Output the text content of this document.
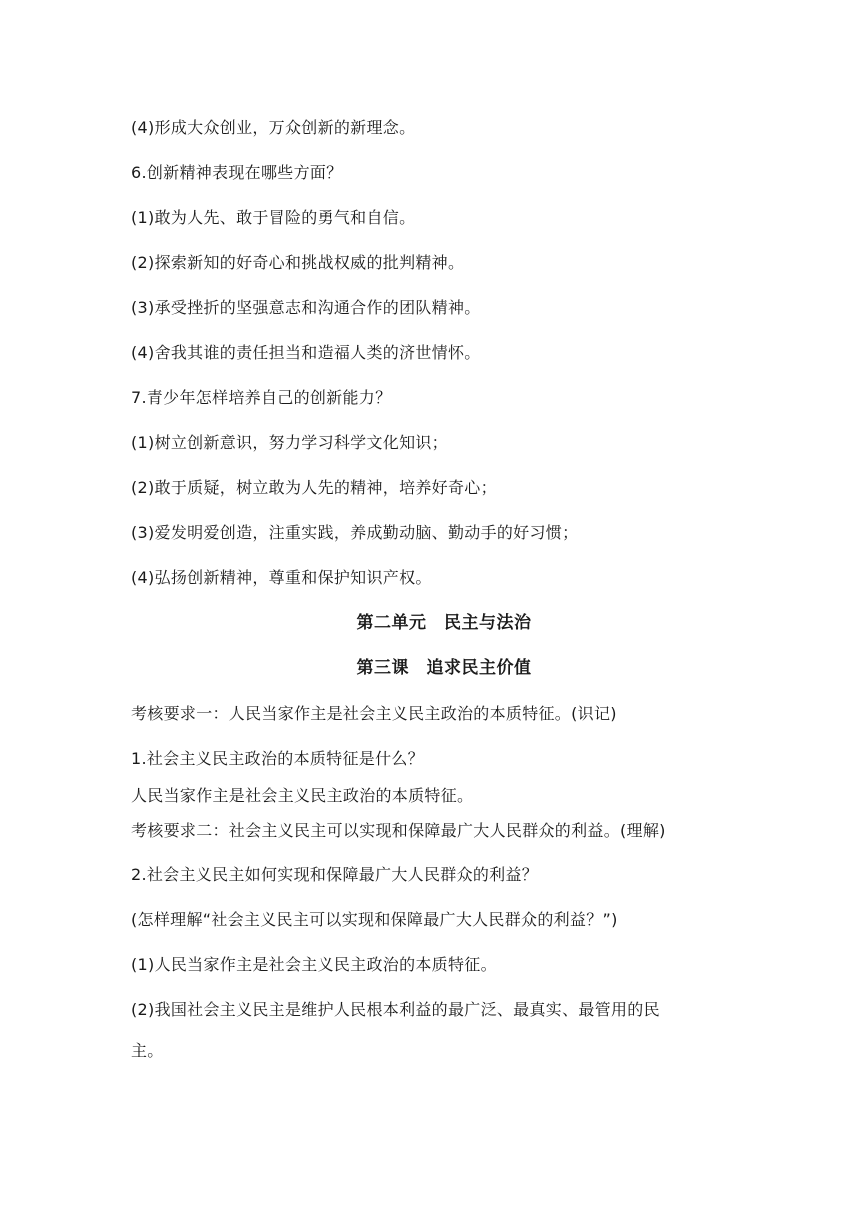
(4)形成大众创业，万众创新的新理念。
6.创新精神表现在哪些方面？
(1)敢为人先、敢于冒险的勇气和自信。
(2)探索新知的好奇心和挑战权威的批判精神。
(3)承受挫折的坚强意志和沟通合作的团队精神。
(4)舍我其谁的责任担当和造福人类的济世情怀。
7.青少年怎样培养自己的创新能力？
(1)树立创新意识，努力学习科学文化知识；
(2)敢于质疑，树立敢为人先的精神，培养好奇心；
(3)爱发明爱创造，注重实践，养成勤动脑、勤动手的好习惯；
(4)弘扬创新精神，尊重和保护知识产权。
第二单元　民主与法治
第三课　追求民主价值
考核要求一：人民当家作主是社会主义民主政治的本质特征。(识记)
1.社会主义民主政治的本质特征是什么？
人民当家作主是社会主义民主政治的本质特征。
考核要求二：社会主义民主可以实现和保障最广大人民群众的利益。(理解)
2.社会主义民主如何实现和保障最广大人民群众的利益？
(怎样理解“社会主义民主可以实现和保障最广大人民群众的利益？”)
(1)人民当家作主是社会主义民主政治的本质特征。
(2)我国社会主义民主是维护人民根本利益的最广泛、最真实、最管用的民
主。
